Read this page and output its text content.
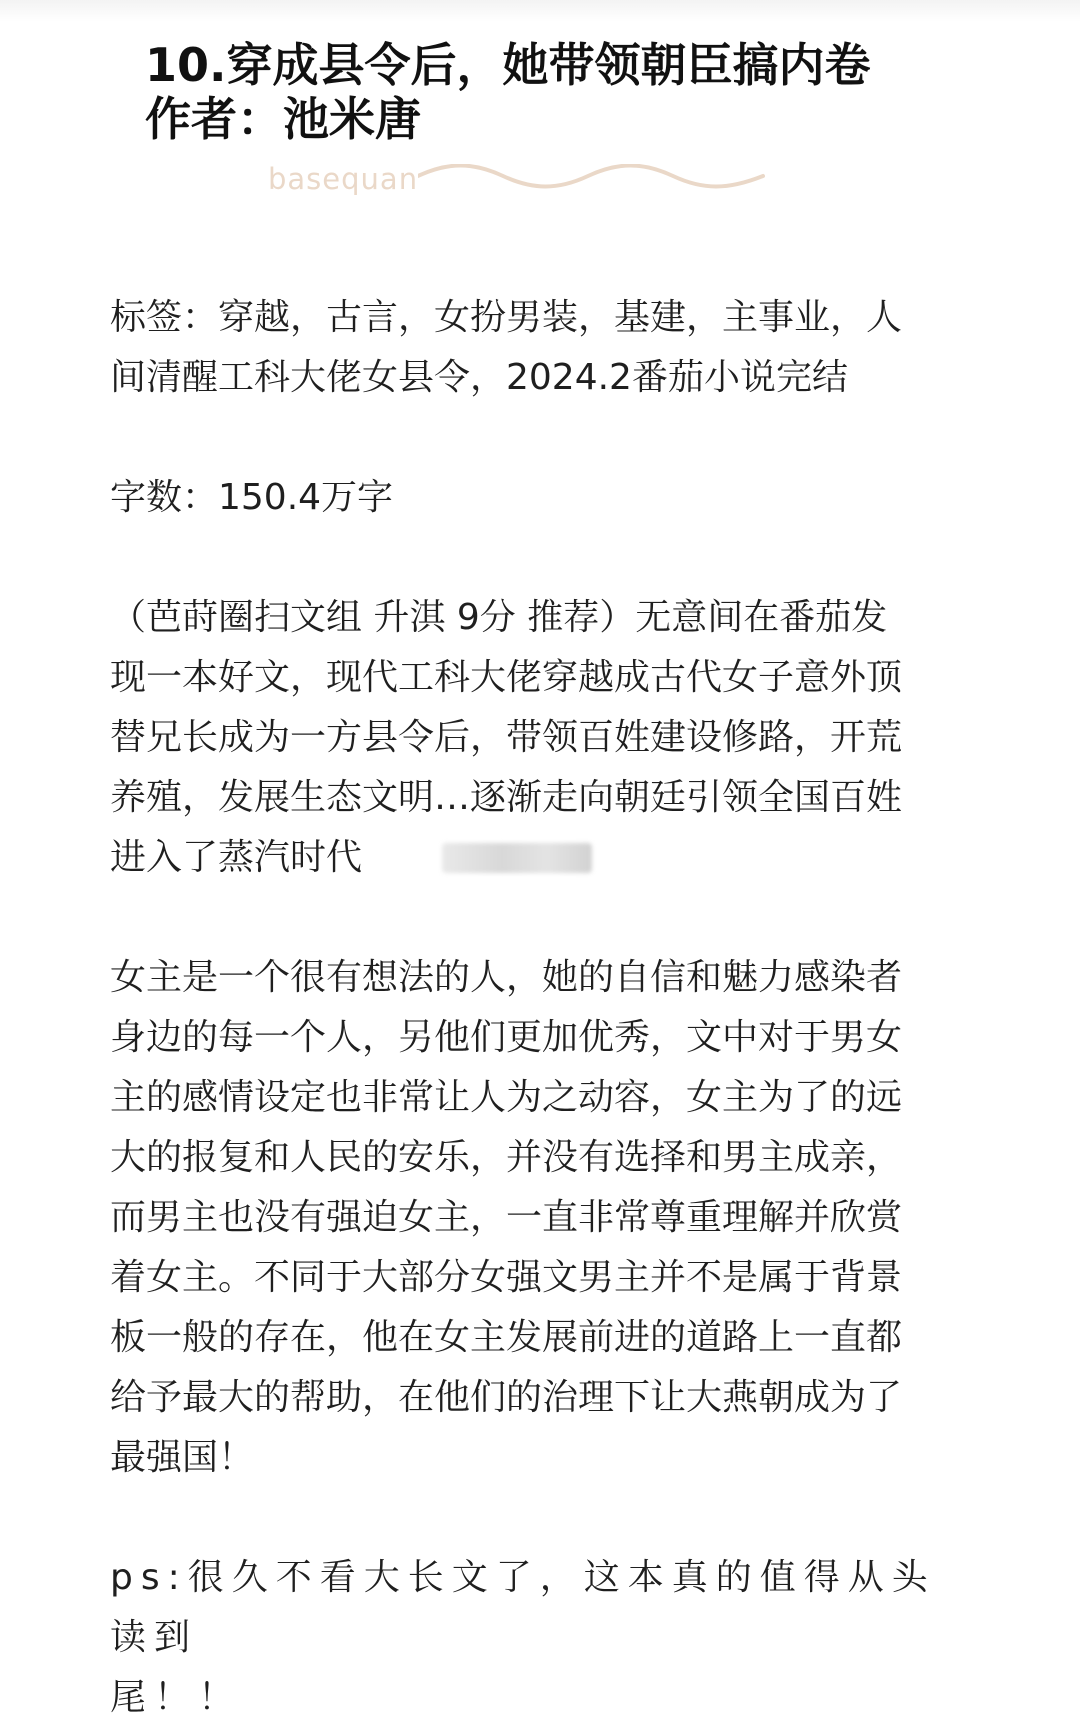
10.穿成县令后，她带领朝臣搞内卷
作者：池米唐
basequan
标签：穿越，古言，女扮男装，基建，主事业，人
间清醒工科大佬女县令，2024.2番茄小说完结
字数：150.4万字
（芭莳圈扫文组 升淇 9分 推荐）无意间在番茄发
现一本好文，现代工科大佬穿越成古代女子意外顶
替兄长成为一方县令后，带领百姓建设修路，开荒
养殖，发展生态文明…逐渐走向朝廷引领全国百姓
进入了蒸汽时代
女主是一个很有想法的人，她的自信和魅力感染者
身边的每一个人，另他们更加优秀，文中对于男女
主的感情设定也非常让人为之动容，女主为了的远
大的报复和人民的安乐，并没有选择和男主成亲，
而男主也没有强迫女主，一直非常尊重理解并欣赏
着女主。不同于大部分女强文男主并不是属于背景
板一般的存在，他在女主发展前进的道路上一直都
给予最大的帮助，在他们的治理下让大燕朝成为了
最强国！
ps:很久不看大长文了，这本真的值得从头读到
尾！！
